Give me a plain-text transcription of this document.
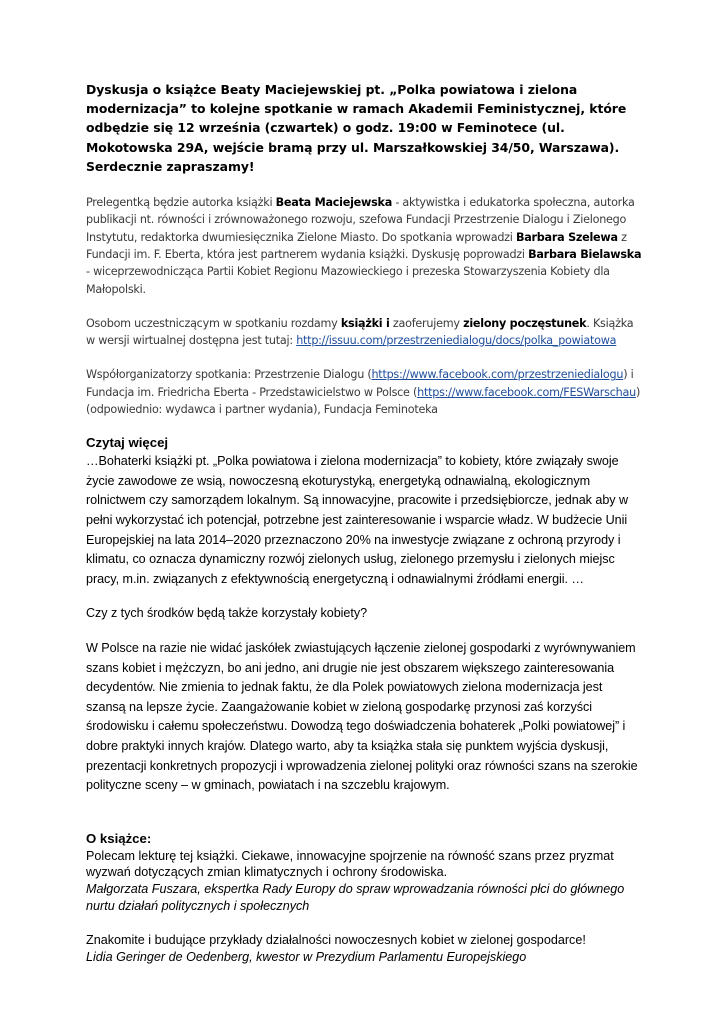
Dyskusja o książce Beaty Maciejewskiej pt. „Polka powiatowa i zielona modernizacja” to kolejne spotkanie w ramach Akademii Feministycznej, które odbędzie się 12 września (czwartek) o godz. 19:00 w Feminotece (ul. Mokotowska 29A, wejście bramą przy ul. Marszałkowskiej 34/50, Warszawa). Serdecznie zapraszamy!

Prelegentką będzie autorka książki Beata Maciejewska - aktywistka i edukatorka społeczna, autorka publikacji nt. równości i zrównoważonego rozwoju, szefowa Fundacji Przestrzenie Dialogu i Zielonego Instytutu, redaktorka dwumiesięcznika Zielone Miasto. Do spotkania wprowadzi Barbara Szelewa z Fundacji im. F. Eberta, która jest partnerem wydania książki. Dyskusję poprowadzi Barbara Bielawska - wiceprzewodnicząca Partii Kobiet Regionu Mazowieckiego i prezeska Stowarzyszenia Kobiety dla Małopolski.

Osobom uczestniczącym w spotkaniu rozdamy książki i zaoferujemy zielony poczęstunek. Książka w wersji wirtualnej dostępna jest tutaj: http://issuu.com/przestrzeniedialogu/docs/polka_powiatowa

Współorganizatorzy spotkania: Przestrzenie Dialogu (https://www.facebook.com/przestrzeniedialogu) i Fundacja im. Friedricha Eberta - Przedstawicielstwo w Polsce (https://www.facebook.com/FESWarschau) (odpowiednio: wydawca i partner wydania), Fundacja Feminoteka

Czytaj więcej

…Bohaterki książki pt. „Polka powiatowa i zielona modernizacja” to kobiety, które związały swoje życie zawodowe ze wsią, nowoczesną ekoturystyką, energetyką odnawialną, ekologicznym rolnictwem czy samorządem lokalnym. Są innowacyjne, pracowite i przedsiębiorcze, jednak aby w pełni wykorzystać ich potencjał, potrzebne jest zainteresowanie i wsparcie władz. W budżecie Unii Europejskiej na lata 2014–2020 przeznaczono 20% na inwestycje związane z ochroną przyrody i klimatu, co oznacza dynamiczny rozwój zielonych usług, zielonego przemysłu i zielonych miejsc pracy, m.in. związanych z efektywnością energetyczną i odnawialnymi źródłami energii. …

Czy z tych środków będą także korzystały kobiety?

W Polsce na razie nie widać jaskółek zwiastujących łączenie zielonej gospodarki z wyrównywaniem szans kobiet i mężczyzn, bo ani jedno, ani drugie nie jest obszarem większego zainteresowania decydentów. Nie zmienia to jednak faktu, że dla Polek powiatowych zielona modernizacja jest szansą na lepsze życie. Zaangażowanie kobiet w zieloną gospodarkę przynosi zaś korzyści środowisku i całemu społeczeństwu. Dowodzą tego doświadczenia bohaterek „Polki powiatowej” i dobre praktyki innych krajów. Dlatego warto, aby ta książka stała się punktem wyjścia dyskusji, prezentacji konkretnych propozycji i wprowadzenia zielonej polityki oraz równości szans na szerokie polityczne sceny – w gminach, powiatach i na szczeblu krajowym.

O książce:

Polecam lekturę tej książki. Ciekawe, innowacyjne spojrzenie na równość szans przez pryzmat wyzwań dotyczących zmian klimatycznych i ochrony środowiska.

Małgorzata Fuszara, ekspertka Rady Europy do spraw wprowadzania równości płci do głównego nurtu działań politycznych i społecznych

Znakomite i budujące przykłady działalności nowoczesnych kobiet w zielonej gospodarce!

Lidia Geringer de Oedenberg, kwestor w Prezydium Parlamentu Europejskiego
